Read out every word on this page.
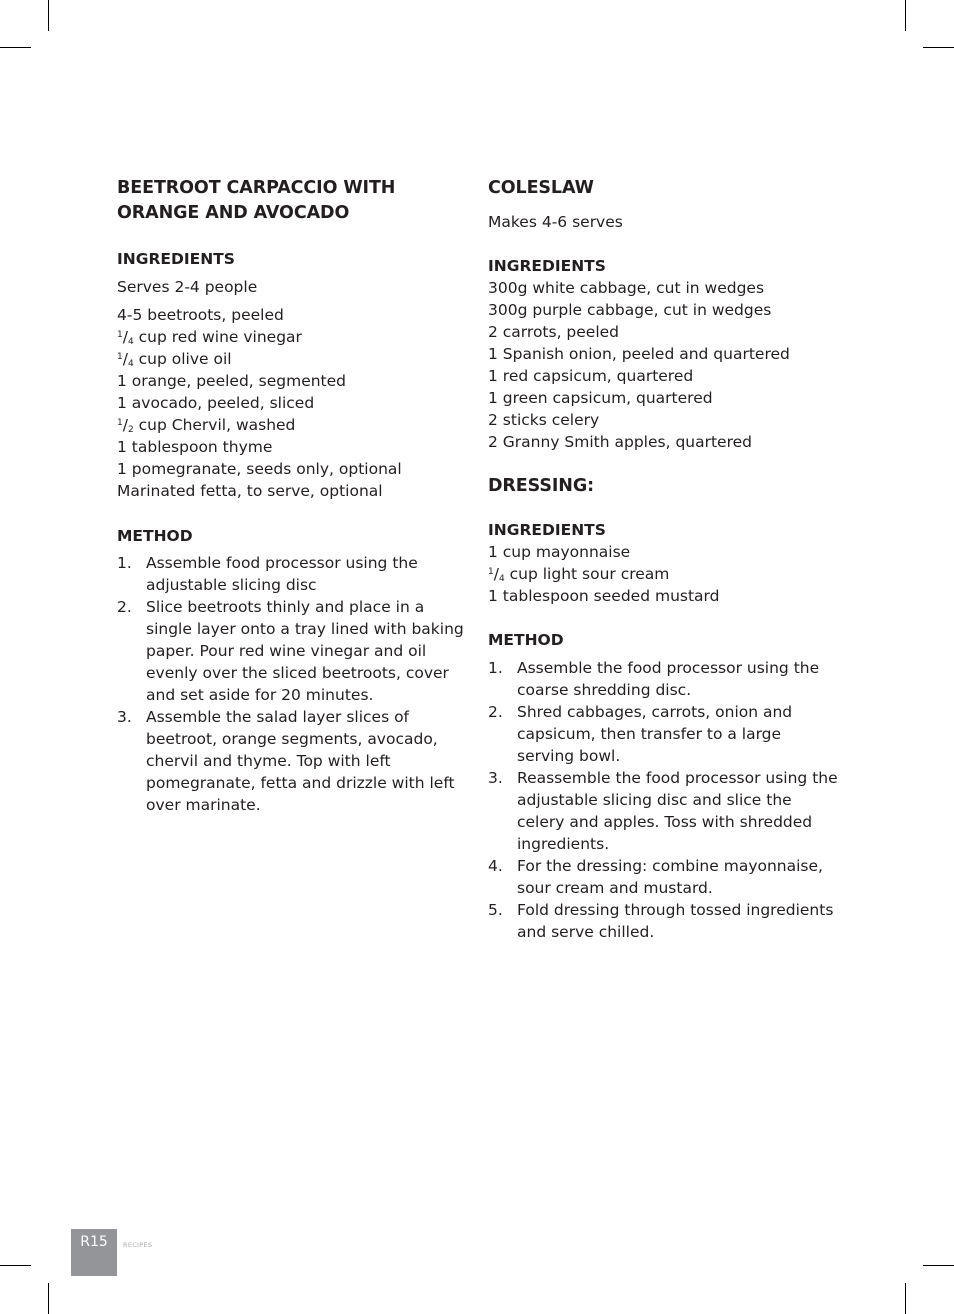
BEETROOT CARPACCIO WITH ORANGE AND AVOCADO
INGREDIENTS

Serves 2-4 people

4-5 beetroots, peeled
$^1/_4$ cup red wine vinegar
$^1/_4$ cup olive oil
1 orange, peeled, segmented
1 avocado, peeled, sliced
$^1/_2$ cup Chervil, washed
1 tablespoon thyme
1 pomegranate, seeds only, optional
Marinated fetta, to serve, optional
METHOD
1. Assemble food processor using the adjustable slicing disc
2. Slice beetroots thinly and place in a single layer onto a tray lined with baking paper. Pour red wine vinegar and oil evenly over the sliced beetroots, cover and set aside for 20 minutes.
3. Assemble the salad layer slices of beetroot, orange segments, avocado, chervil and thyme. Top with left pomegranate, fetta and drizzle with left over marinate.
COLESLAW

Makes 4-6 serves

INGREDIENTS
300g white cabbage, cut in wedges
300g purple cabbage, cut in wedges
2 carrots, peeled
1 Spanish onion, peeled and quartered
1 red capsicum, quartered
1 green capsicum, quartered
2 sticks celery
2 Granny Smith apples, quartered
DRESSING:
INGREDIENTS
1 cup mayonnaise
$^1/_4$ cup light sour cream
1 tablespoon seeded mustard
METHOD
1. Assemble the food processor using the coarse shredding disc.
2. Shred cabbages, carrots, onion and capsicum, then transfer to a large serving bowl.
3. Reassemble the food processor using the adjustable slicing disc and slice the celery and apples. Toss with shredded ingredients.
4. For the dressing: combine mayonnaise, sour cream and mustard.
5. Fold dressing through tossed ingredients and serve chilled.
R15	RECIPES
